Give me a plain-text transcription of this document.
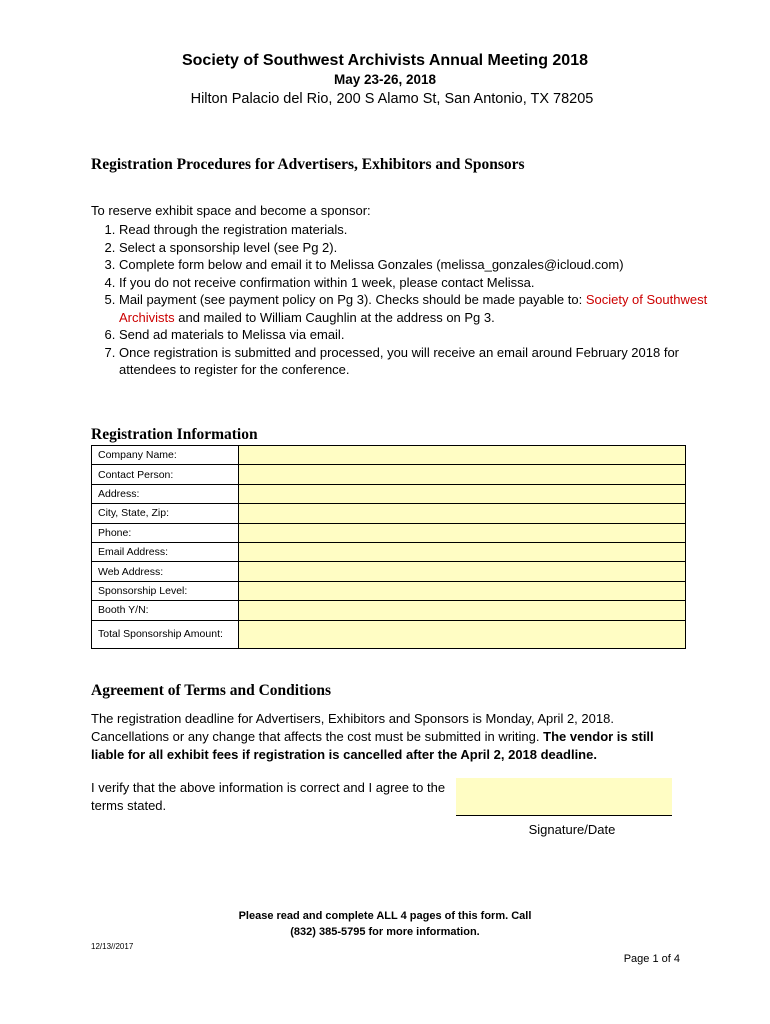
Society of Southwest Archivists Annual Meeting 2018
May 23-26, 2018
Hilton Palacio del Rio, 200 S Alamo St, San Antonio, TX 78205
Registration Procedures for Advertisers, Exhibitors and Sponsors
To reserve exhibit space and become a sponsor:
1. Read through the registration materials.
2. Select a sponsorship level (see Pg 2).
3. Complete form below and email it to Melissa Gonzales (melissa_gonzales@icloud.com)
4. If you do not receive confirmation within 1 week, please contact Melissa.
5. Mail payment (see payment policy on Pg 3). Checks should be made payable to: Society of Southwest Archivists and mailed to William Caughlin at the address on Pg 3.
6. Send ad materials to Melissa via email.
7. Once registration is submitted and processed, you will receive an email around February 2018 for attendees to register for the conference.
Registration Information
Company Name:	
Contact Person:	
Address:	
City, State, Zip:	
Phone:	
Email Address:	
Web Address:	
Sponsorship Level:	
Booth Y/N:	
Total Sponsorship Amount:	
Agreement of Terms and Conditions
The registration deadline for Advertisers, Exhibitors and Sponsors is Monday, April 2, 2018. Cancellations or any change that affects the cost must be submitted in writing. The vendor is still liable for all exhibit fees if registration is cancelled after the April 2, 2018 deadline.
I verify that the above information is correct and I agree to the terms stated.
Signature/Date
Please read and complete ALL 4 pages of this form. Call (832) 385-5795 for more information.
12/13//2017
Page 1 of 4
